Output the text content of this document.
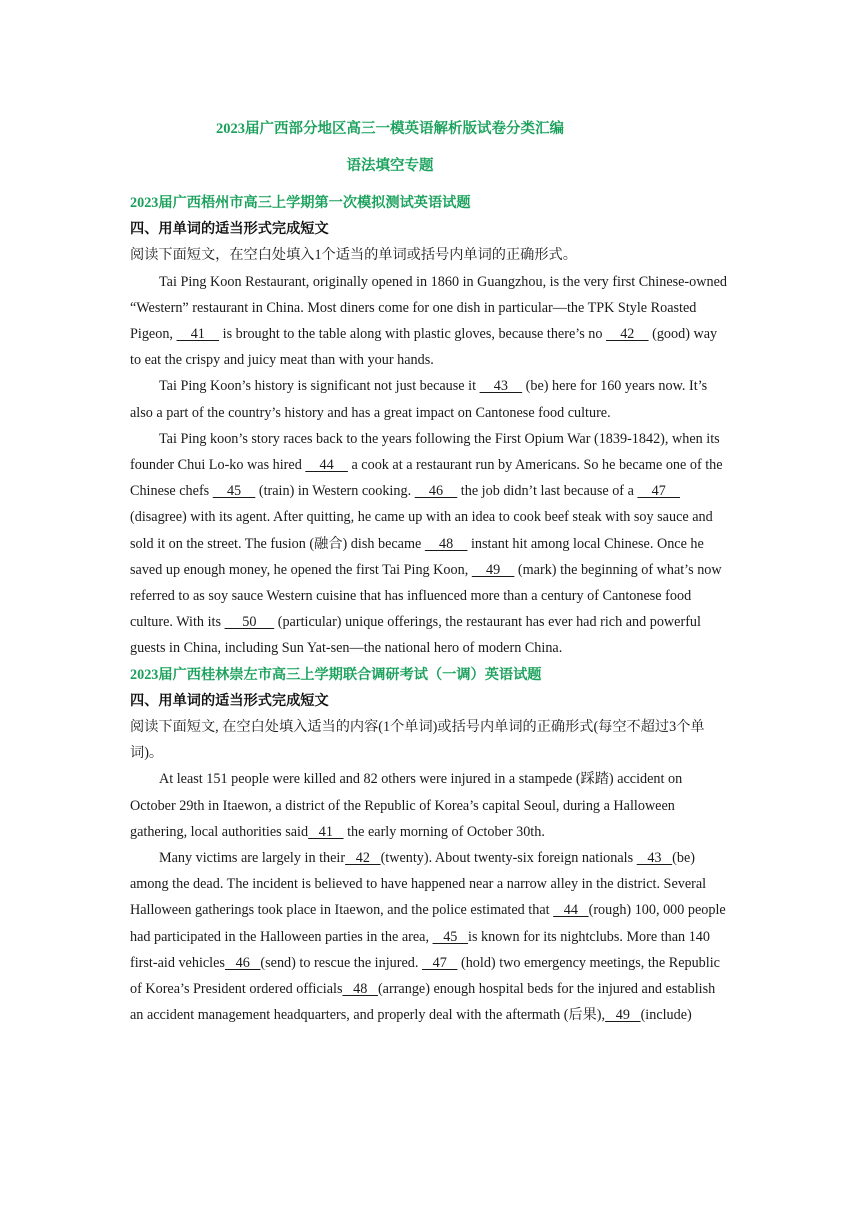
2023届广西部分地区高三一模英语解析版试卷分类汇编
语法填空专题
2023届广西梧州市高三上学期第一次模拟测试英语试题
四、用单词的适当形式完成短文

阅读下面短文，在空白处填入1个适当的单词或括号内单词的正确形式。

Tai Ping Koon Restaurant, originally opened in 1860 in Guangzhou, is the very first Chinese-owned “Western” restaurant in China. Most diners come for one dish in particular—the TPK Style Roasted Pigeon,     41     is brought to the table along with plastic gloves, because there’s no     42     (good) way to eat the crispy and juicy meat than with your hands.

Tai Ping Koon’s history is significant not just because it     43     (be) here for 160 years now. It’s also a part of the country’s history and has a great impact on Cantonese food culture.

Tai Ping koon’s story races back to the years following the First Opium War (1839-1842), when its founder Chui Lo-ko was hired     44     a cook at a restaurant run by Americans. So he became one of the Chinese chefs     45     (train) in Western cooking.     46     the job didn’t last because of a     47     (disagree) with its agent. After quitting, he came up with an idea to cook beef steak with soy sauce and sold it on the street. The fusion (融合) dish became     48     instant hit among local Chinese. Once he saved up enough money, he opened the first Tai Ping Koon,     49     (mark) the beginning of what’s now referred to as soy sauce Western cuisine that has influenced more than a century of Cantonese food culture. With its      50      (particular) unique offerings, the restaurant has ever had rich and powerful guests in China, including Sun Yat-sen—the national hero of modern China.

2023届广西桂林崇左市高三上学期联合调研考试（一调）英语试题
四、用单词的适当形式完成短文

阅读下面短文, 在空白处填入适当的内容(1个单词)或括号内单词的正确形式(每空不超过3个单词)。

At least 151 people were killed and 82 others were injured in a stampede (踩踏) accident on October 29th in Itaewon, a district of the Republic of Korea’s capital Seoul, during a Halloween gathering, local authorities said   41    the early morning of October 30th.

Many victims are largely in their   42   (twenty). About twenty-six foreign nationals    43   (be) among the dead. The incident is believed to have happened near a narrow alley in the district. Several Halloween gatherings took place in Itaewon, and the police estimated that    44   (rough) 100, 000 people had participated in the Halloween parties in the area,    45   is known for its nightclubs. More than 140 first-aid vehicles   46   (send) to rescue the injured.    47    (hold) two emergency meetings, the Republic of Korea’s President ordered officials   48   (arrange) enough hospital beds for the injured and establish an accident management headquarters, and properly deal with the aftermath (后果),   49   (include)
